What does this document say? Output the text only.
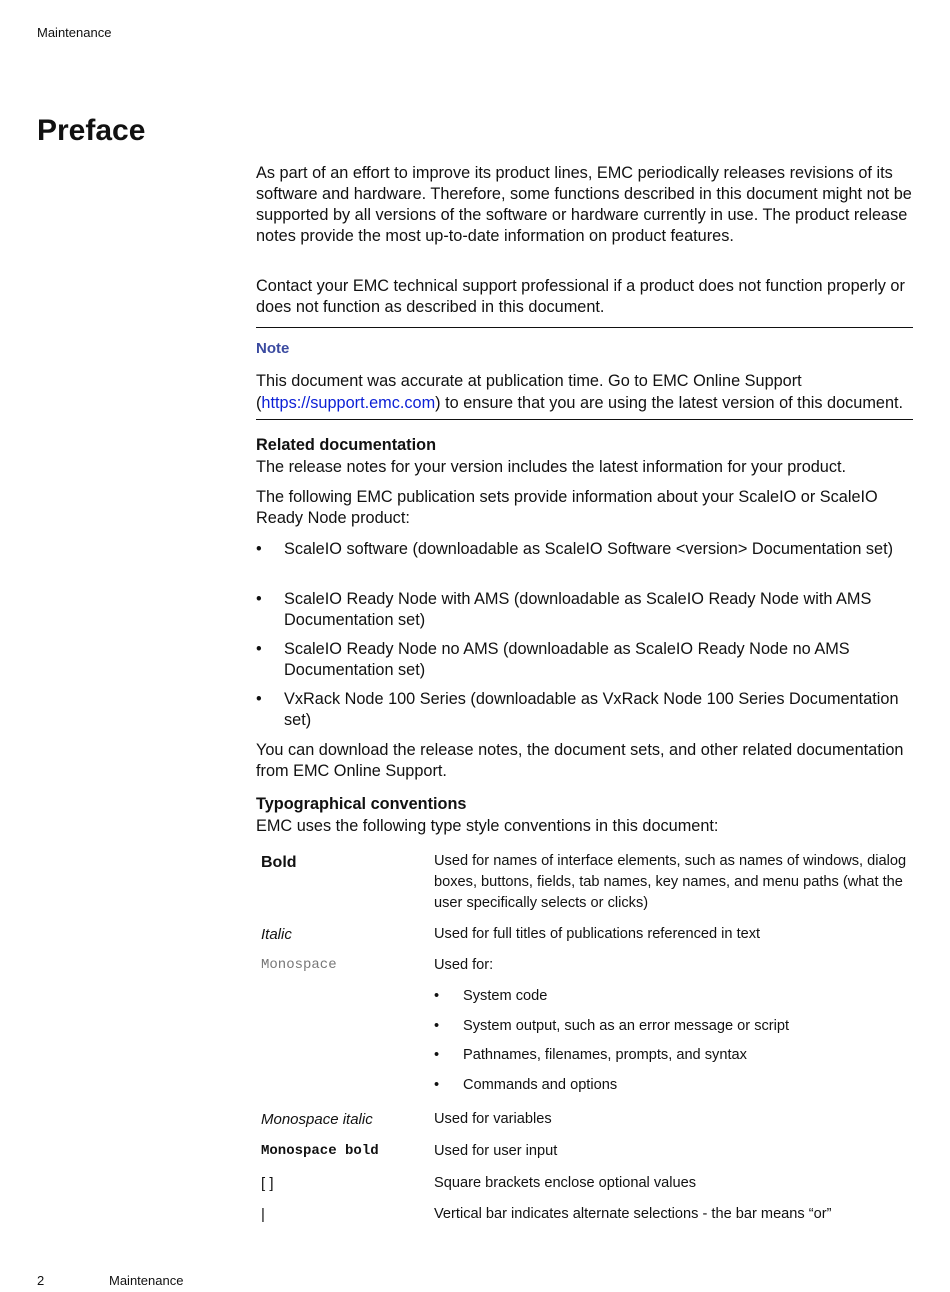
Maintenance
Preface

As part of an effort to improve its product lines, EMC periodically releases revisions of its software and hardware. Therefore, some functions described in this document might not be supported by all versions of the software or hardware currently in use. The product release notes provide the most up-to-date information on product features.

Contact your EMC technical support professional if a product does not function properly or does not function as described in this document.

Note
This document was accurate at publication time. Go to EMC Online Support (https://support.emc.com) to ensure that you are using the latest version of this document.
Related documentation
The release notes for your version includes the latest information for your product.
The following EMC publication sets provide information about your ScaleIO or ScaleIO Ready Node product:
• ScaleIO software (downloadable as ScaleIO Software <version> Documentation set)
• ScaleIO Ready Node with AMS (downloadable as ScaleIO Ready Node with AMS Documentation set)
• ScaleIO Ready Node no AMS (downloadable as ScaleIO Ready Node no AMS Documentation set)
• VxRack Node 100 Series (downloadable as VxRack Node 100 Series Documentation set)
You can download the release notes, the document sets, and other related documentation from EMC Online Support.
Typographical conventions
EMC uses the following type style conventions in this document:
Bold	Used for names of interface elements, such as names of windows, dialog boxes, buttons, fields, tab names, key names, and menu paths (what the user specifically selects or clicks)
Italic	Used for full titles of publications referenced in text
Monospace	Used for:
• System code
• System output, such as an error message or script
• Pathnames, filenames, prompts, and syntax
• Commands and options
Monospace italic	Used for variables
Monospace bold	Used for user input
[ ]	Square brackets enclose optional values
|	Vertical bar indicates alternate selections - the bar means “or”
2	Maintenance
